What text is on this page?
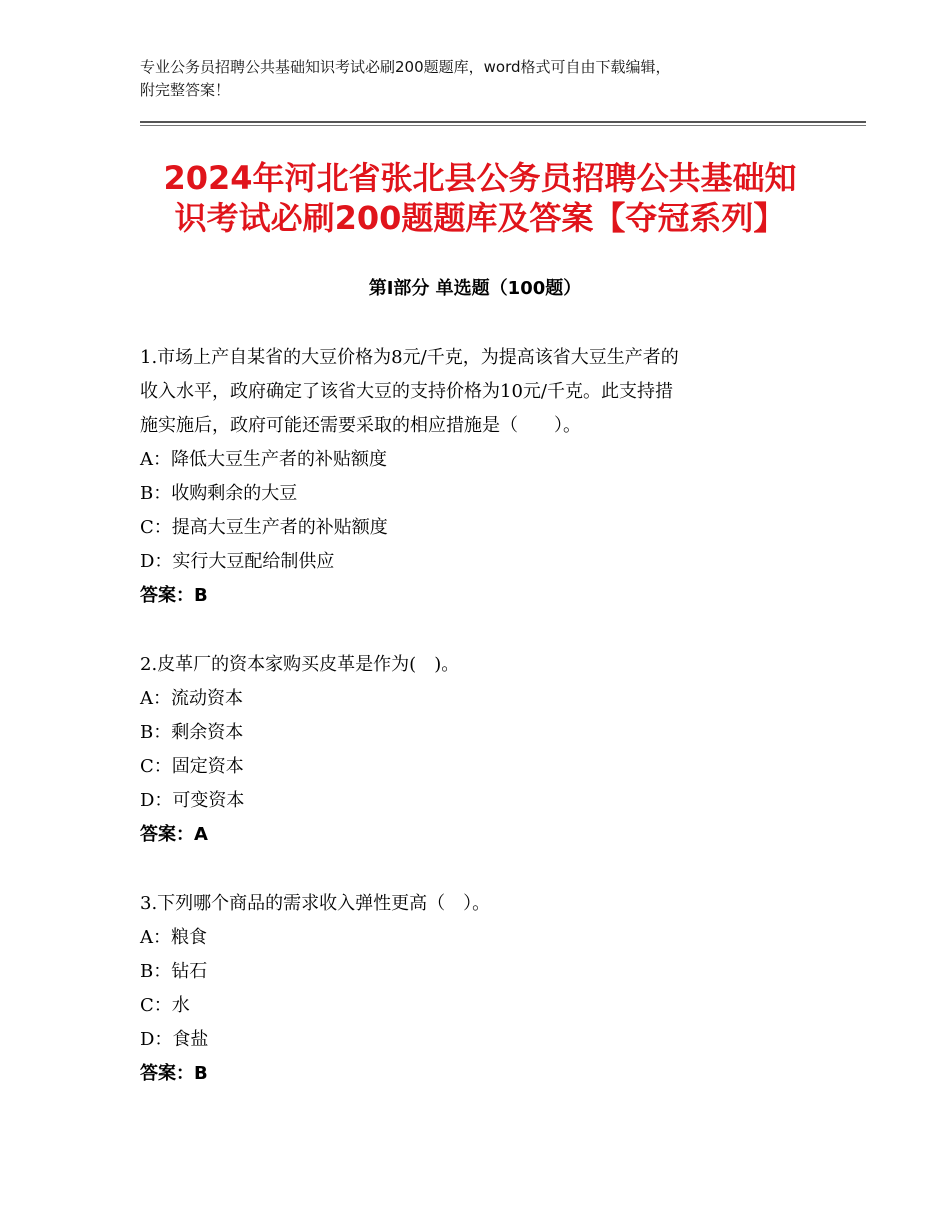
专业公务员招聘公共基础知识考试必刷200题题库，word格式可自由下载编辑，
附完整答案！
2024年河北省张北县公务员招聘公共基础知
识考试必刷200题题库及答案【夺冠系列】
第Ⅰ部分 单选题（100题）

1.市场上产自某省的大豆价格为8元/千克，为提高该省大豆生产者的

收入水平，政府确定了该省大豆的支持价格为10元/千克。此支持措

施实施后，政府可能还需要采取的相应措施是（　　）。

A：降低大豆生产者的补贴额度

B：收购剩余的大豆

C：提高大豆生产者的补贴额度

D：实行大豆配给制供应

答案：B

2.皮革厂的资本家购买皮革是作为(　)。

A：流动资本

B：剩余资本

C：固定资本

D：可变资本

答案：A

3.下列哪个商品的需求收入弹性更高（　）。

A：粮食

B：钻石

C：水

D：食盐

答案：B
